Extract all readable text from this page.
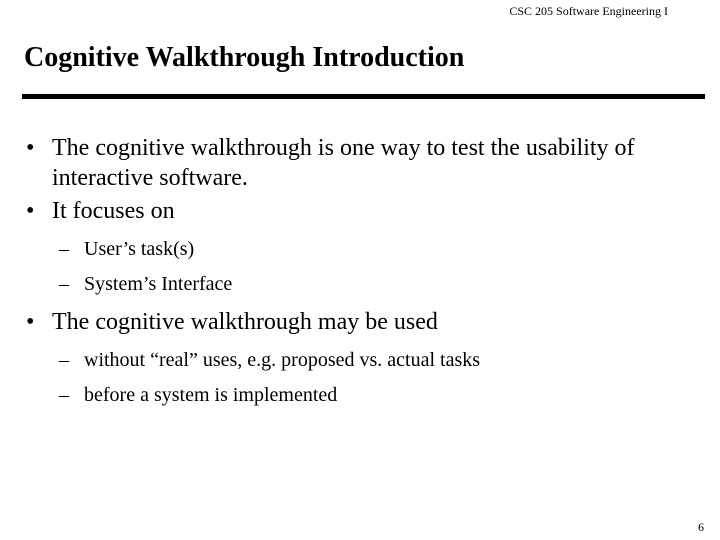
CSC 205 Software Engineering I
Cognitive Walkthrough Introduction
• The cognitive walkthrough is one way to test the usability of interactive software.
• It focuses on
– User’s task(s)
– System’s Interface
• The cognitive walkthrough may be used
– without “real” uses, e.g. proposed vs. actual tasks
– before a system is implemented
6
